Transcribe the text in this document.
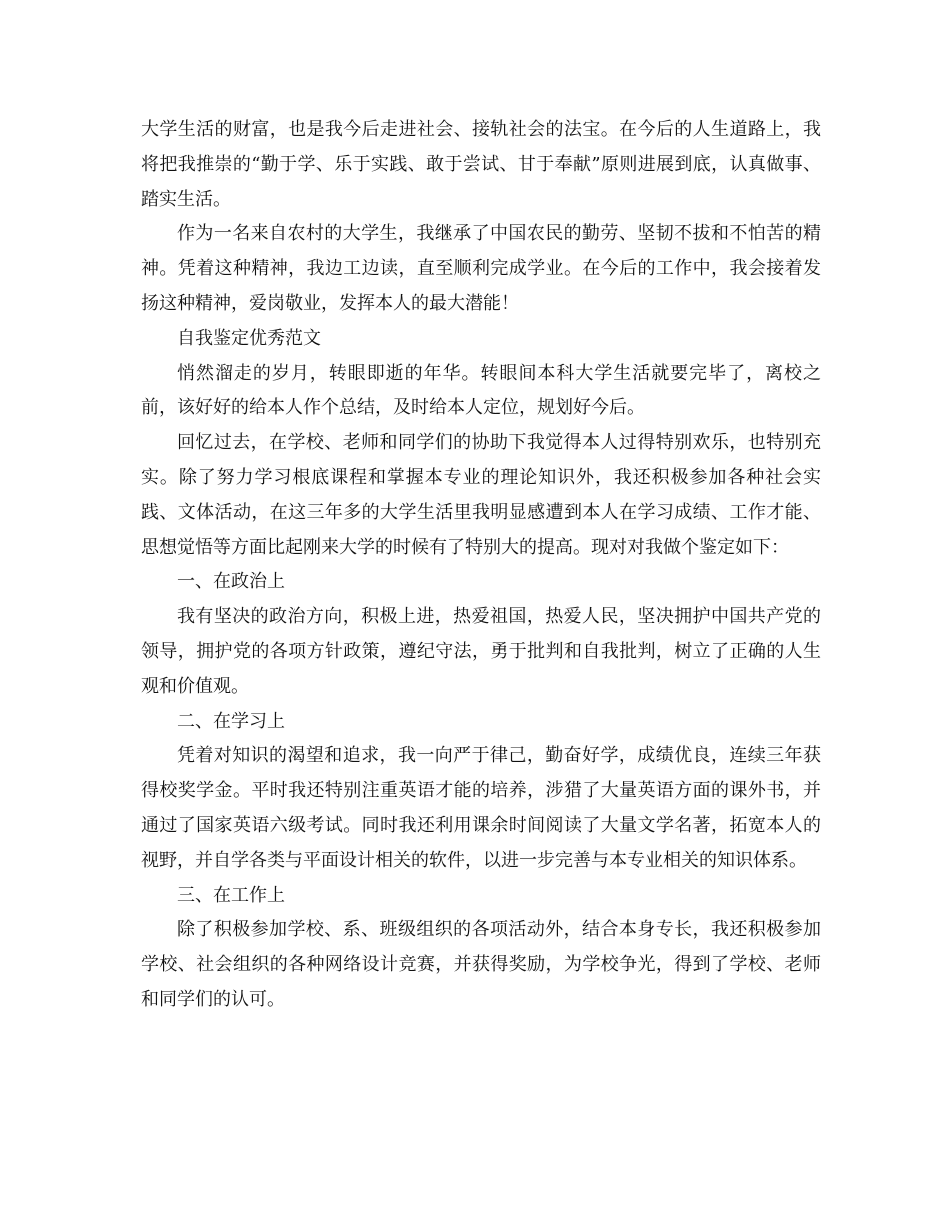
大学生活的财富，也是我今后走进社会、接轨社会的法宝。在今后的人生道路上，我将把我推崇的“勤于学、乐于实践、敢于尝试、甘于奉献”原则进展到底，认真做事、踏实生活。

作为一名来自农村的大学生，我继承了中国农民的勤劳、坚韧不拔和不怕苦的精神。凭着这种精神，我边工边读，直至顺利完成学业。在今后的工作中，我会接着发扬这种精神，爱岗敬业，发挥本人的最大潜能！

自我鉴定优秀范文

悄然溜走的岁月，转眼即逝的年华。转眼间本科大学生活就要完毕了，离校之前，该好好的给本人作个总结，及时给本人定位，规划好今后。

回忆过去，在学校、老师和同学们的协助下我觉得本人过得特别欢乐，也特别充实。除了努力学习根底课程和掌握本专业的理论知识外，我还积极参加各种社会实践、文体活动，在这三年多的大学生活里我明显感遭到本人在学习成绩、工作才能、思想觉悟等方面比起刚来大学的时候有了特别大的提高。现对对我做个鉴定如下：

一、在政治上

我有坚决的政治方向，积极上进，热爱祖国，热爱人民，坚决拥护中国共产党的领导，拥护党的各项方针政策，遵纪守法，勇于批判和自我批判，树立了正确的人生观和价值观。

二、在学习上

凭着对知识的渴望和追求，我一向严于律己，勤奋好学，成绩优良，连续三年获得校奖学金。平时我还特别注重英语才能的培养，涉猎了大量英语方面的课外书，并通过了国家英语六级考试。同时我还利用课余时间阅读了大量文学名著，拓宽本人的视野，并自学各类与平面设计相关的软件，以进一步完善与本专业相关的知识体系。

三、在工作上

除了积极参加学校、系、班级组织的各项活动外，结合本身专长，我还积极参加学校、社会组织的各种网络设计竞赛，并获得奖励，为学校争光，得到了学校、老师和同学们的认可。
